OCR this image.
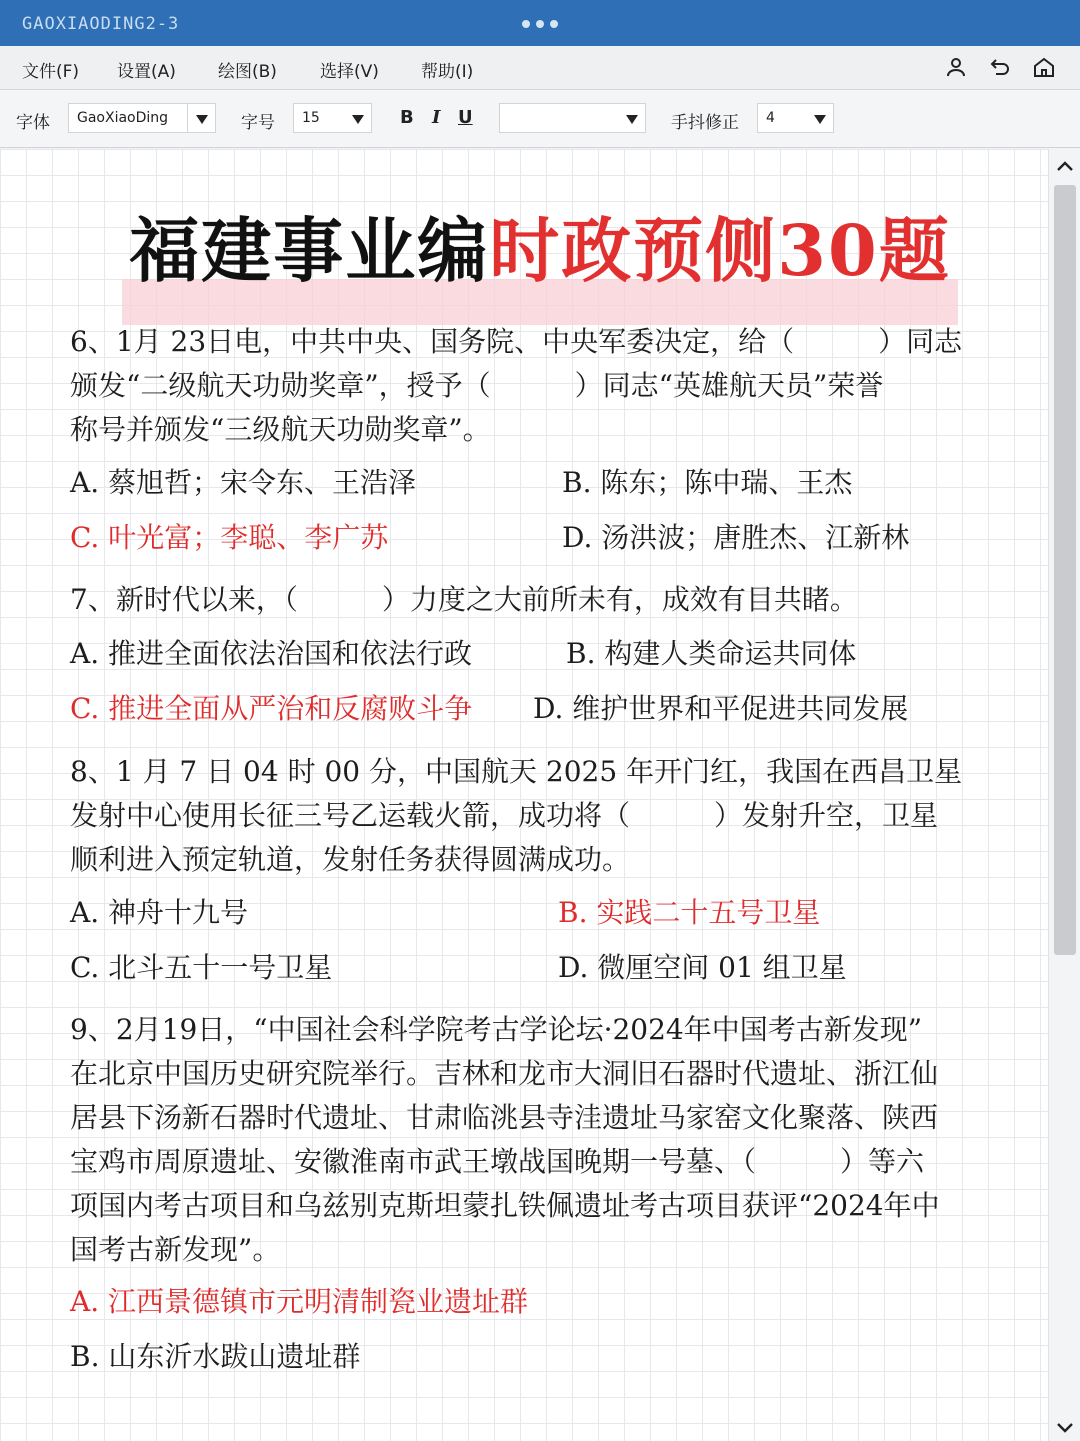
GAOXIAODING2-3
文件(F) 设置(A) 绘图(B)	选择(V) 帮助(I)
字体	GaoXiaoDing	字号	15	B I U	手抖修正	4
福建事业编时政预侧30题
6、1月 23日电，中共中央、国务院、中央军委决定，给（　　　）同志
颁发“二级航天功勋奖章”，授予（　　　）同志“英雄航天员”荣誉
称号并颁发“三级航天功勋奖章”。
A. 蔡旭哲；宋令东、王浩泽	B. 陈东；陈中瑞、王杰
C. 叶光富；李聪、李广苏	D. 汤洪波；唐胜杰、江新林
7、新时代以来，（　　　）力度之大前所未有，成效有目共睹。
A. 推进全面依法治国和依法行政	B. 构建人类命运共同体
C. 推进全面从严治和反腐败斗争 D. 维护世界和平促进共同发展
8、1 月 7 日 04 时 00 分，中国航天 2025 年开门红，我国在西昌卫星
发射中心使用长征三号乙运载火箭，成功将（　　　）发射升空，卫星
顺利进入预定轨道，发射任务获得圆满成功。
A. 神舟十九号	B. 实践二十五号卫星
C. 北斗五十一号卫星	D. 微厘空间 01 组卫星
9、2月19日，“中国社会科学院考古学论坛·2024年中国考古新发现”
在北京中国历史研究院举行。吉林和龙市大洞旧石器时代遗址、浙江仙
居县下汤新石器时代遗址、甘肃临洮县寺洼遗址马家窑文化聚落、陕西
宝鸡市周原遗址、安徽淮南市武王墩战国晚期一号墓、（　　　）等六
项国内考古项目和乌兹别克斯坦蒙扎铁佩遗址考古项目获评“2024年中
国考古新发现”。
A. 江西景德镇市元明清制瓷业遗址群
B. 山东沂水跋山遗址群
